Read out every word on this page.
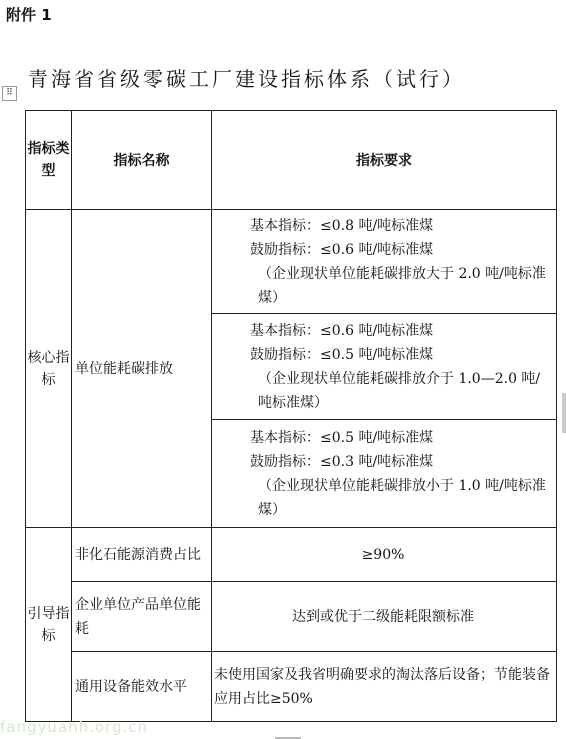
附件 1
青海省省级零碳工厂建设指标体系（试行）
⠿
指标类型	指标名称	指标要求
核心指标	单位能耗碳排放	基本指标：≤0.8 吨/吨标准煤
鼓励指标：≤0.6 吨/吨标准煤
（企业现状单位能耗碳排放大于 2.0 吨/吨标准煤）

		基本指标：≤0.6 吨/吨标准煤
鼓励指标：≤0.5 吨/吨标准煤
（企业现状单位能耗碳排放介于 1.0—2.0 吨/吨标准煤）

		基本指标：≤0.5 吨/吨标准煤
鼓励指标：≤0.3 吨/吨标准煤
（企业现状单位能耗碳排放小于 1.0 吨/吨标准煤）

引导指标	非化石能源消费占比	≥90%
	企业单位产品单位能耗	达到或优于二级能耗限额标准
	通用设备能效水平	未使用国家及我省明确要求的淘汰落后设备；节能装备应用占比≥50%
fangyuanh.org.cn
